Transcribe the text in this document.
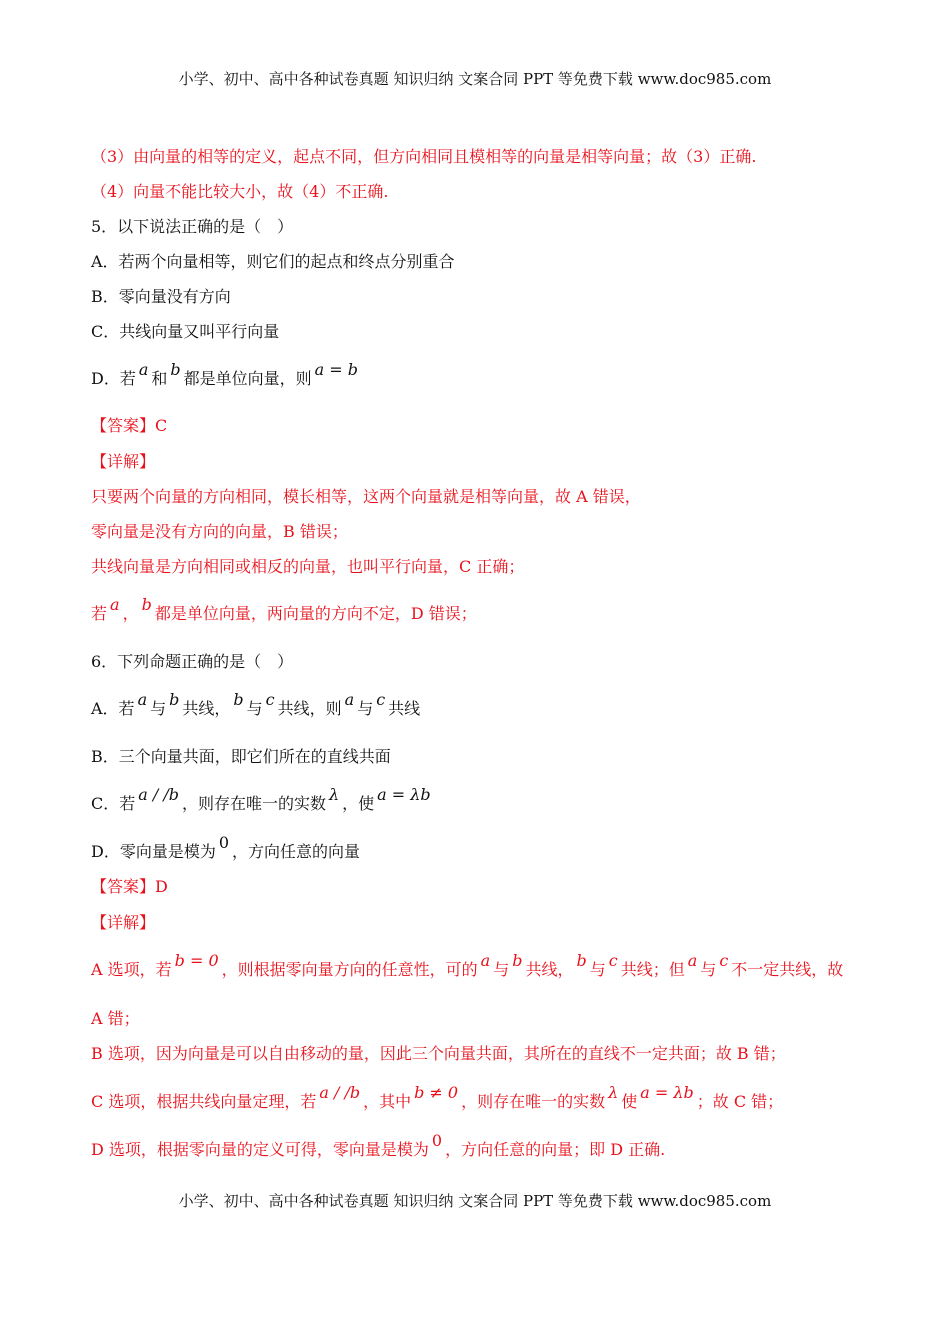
小学、初中、高中各种试卷真题 知识归纳 文案合同 PPT 等免费下载 www.doc985.com
（3）由向量的相等的定义，起点不同，但方向相同且模相等的向量是相等向量；故（3）正确.
（4）向量不能比较大小，故（4）不正确.
5．以下说法正确的是（　）
A．若两个向量相等，则它们的起点和终点分别重合
B．零向量没有方向
C．共线向量又叫平行向量
D．若 a 和 b 都是单位向量，则 a = b
【答案】C
【详解】
只要两个向量的方向相同，模长相等，这两个向量就是相等向量，故 A 错误，
零向量是没有方向的向量，B 错误；
共线向量是方向相同或相反的向量，也叫平行向量，C 正确；
若 a ， b 都是单位向量，两向量的方向不定，D 错误；
6．下列命题正确的是（　）
A．若 a 与 b 共线， b 与 c 共线，则 a 与 c 共线
B．三个向量共面，即它们所在的直线共面
C．若 a / /b ，则存在唯一的实数 λ ，使 a = λb
D．零向量是模为 0 ，方向任意的向量
【答案】D
【详解】
A 选项，若 b = 0 ，则根据零向量方向的任意性，可的 a 与 b 共线， b 与 c 共线；但 a 与 c 不一定共线，故
A 错；
B 选项，因为向量是可以自由移动的量，因此三个向量共面，其所在的直线不一定共面；故 B 错；
C 选项，根据共线向量定理，若 a / /b ，其中 b ≠ 0 ，则存在唯一的实数 λ 使 a = λb ；故 C 错；
D 选项，根据零向量的定义可得，零向量是模为 0 ，方向任意的向量；即 D 正确.
小学、初中、高中各种试卷真题 知识归纳 文案合同 PPT 等免费下载 www.doc985.com
